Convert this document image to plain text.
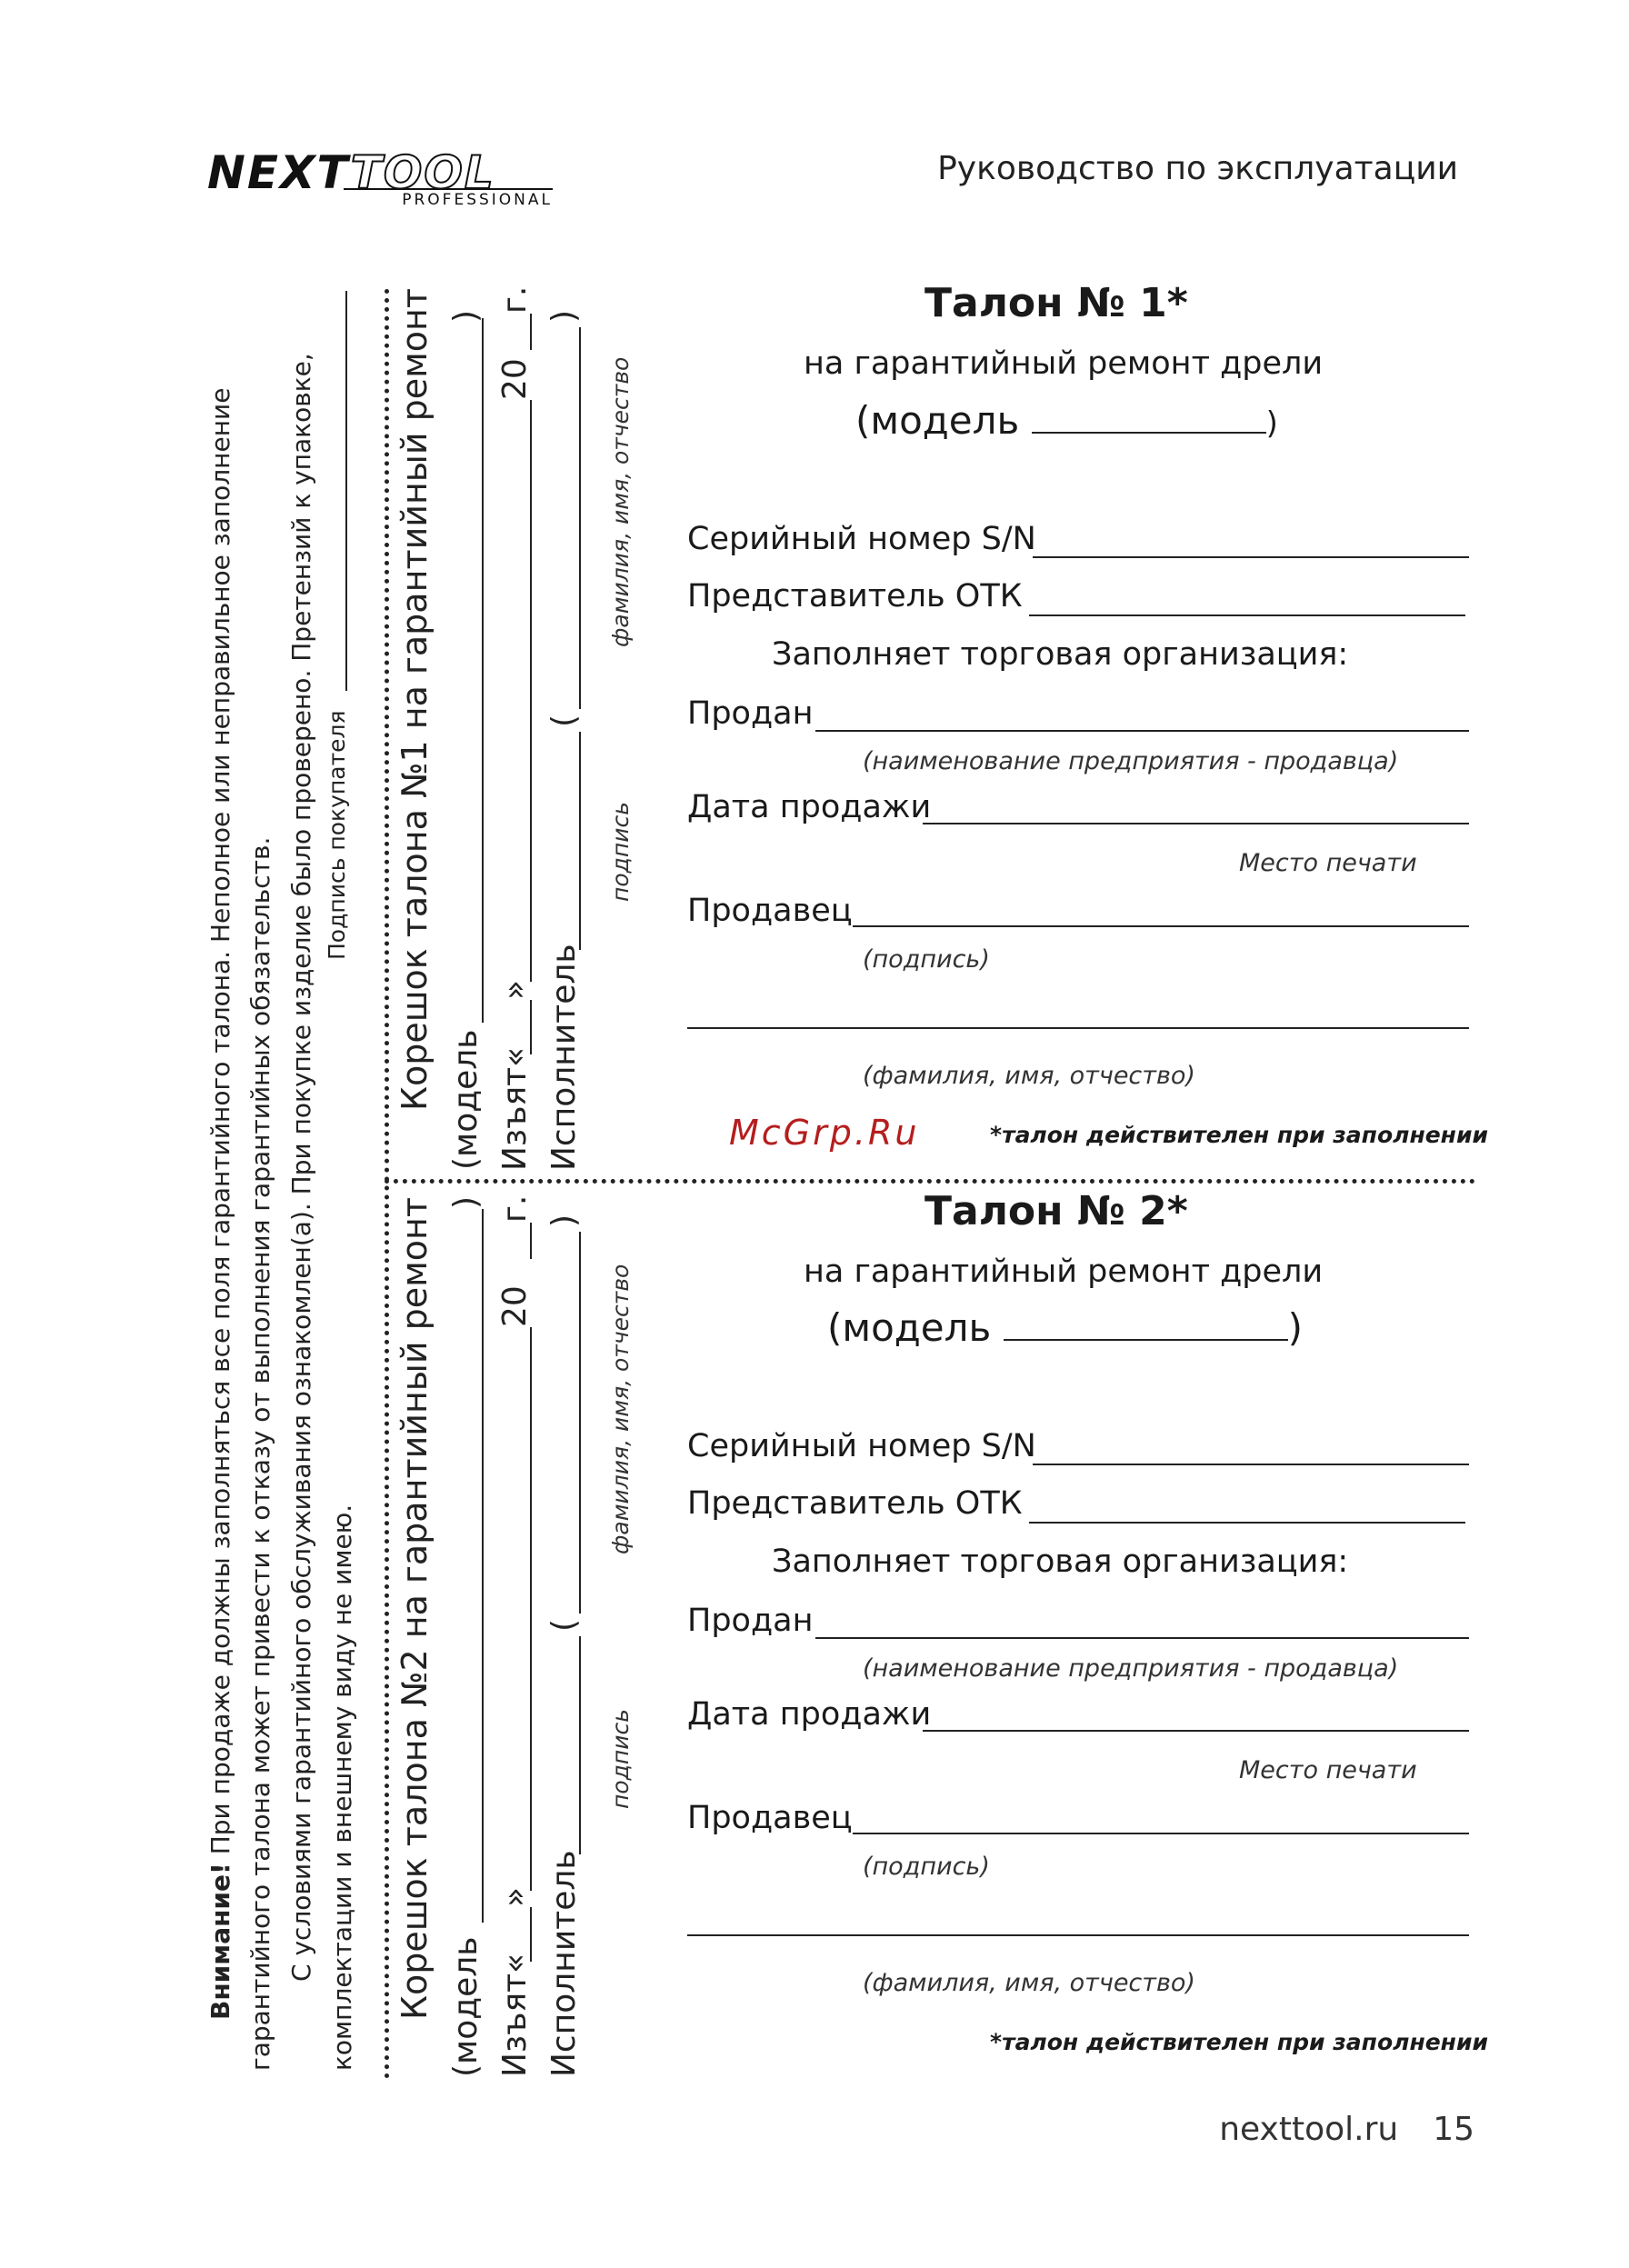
NEXTTOOL
PROFESSIONAL
Руководство по эксплуатации
Талон № 1*
на гарантийный ремонт дрели
(модель	)
Серийный номер S/N
Представитель ОТК
Заполняет торговая организация:
Продан
(наименование предприятия - продавца)
Дата продажи
Место печати
Продавец
(подпись)
(фамилия, имя, отчество)
McGrp.Ru	*талон действителен при заполнении
Талон № 2*
на гарантийный ремонт дрели
(модель	)
Серийный номер S/N
Представитель ОТК
Заполняет торговая организация:
Продан
(наименование предприятия - продавца)
Дата продажи
Место печати
Продавец
(подпись)
(фамилия, имя, отчество)
*талон действителен при заполнении
Внимание! При продаже должны заполняться все поля гарантийного талона. Неполное или неправильное заполнение гарантийного талона может привести к отказу от выполнения гарантийных обязательств. С условиями гарантийного обслуживания ознакомлен(а). При покупке изделие было проверено. Претензий к упаковке, комплектации и внешнему виду не имею.
Подпись покупателя Корешок талона №1 на гарантийный ремонт (модель
)
Изъят«
»
20
г.
Исполнитель
(
)
подпись
фамилия, имя, отчество
Корешок талона №2 на гарантийный ремонт (модель
)
Изъят«
»
20
г.
Исполнитель
(
)
подпись
фамилия, имя, отчество
nexttool.ru 15
